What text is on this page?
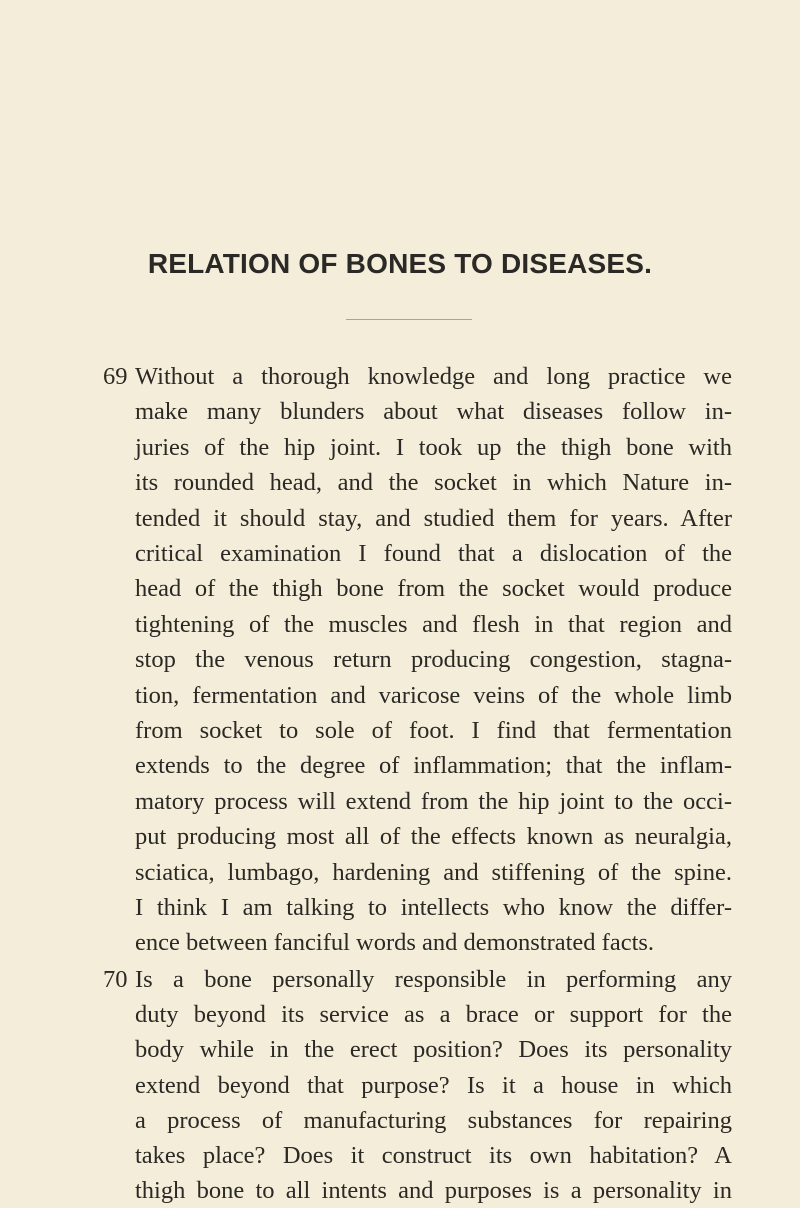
RELATION OF BONES TO DISEASES.
69 Without a thorough knowledge and long practice we
make many blunders about what diseases follow in-
juries of the hip joint. I took up the thigh bone with
its rounded head, and the socket in which Nature in-
tended it should stay, and studied them for years. After
critical examination I found that a dislocation of the
head of the thigh bone from the socket would produce
tightening of the muscles and flesh in that region and
stop the venous return producing congestion, stagna-
tion, fermentation and varicose veins of the whole limb
from socket to sole of foot. I find that fermentation
extends to the degree of inflammation; that the inflam-
matory process will extend from the hip joint to the occi-
put producing most all of the effects known as neuralgia,
sciatica, lumbago, hardening and stiffening of the spine.
I think I am talking to intellects who know the differ-
ence between fanciful words and demonstrated facts.
70 Is a bone personally responsible in performing any
duty beyond its service as a brace or support for the
body while in the erect position? Does its personality
extend beyond that purpose? Is it a house in which
a process of manufacturing substances for repairing
takes place? Does it construct its own habitation? A
thigh bone to all intents and purposes is a personality in
